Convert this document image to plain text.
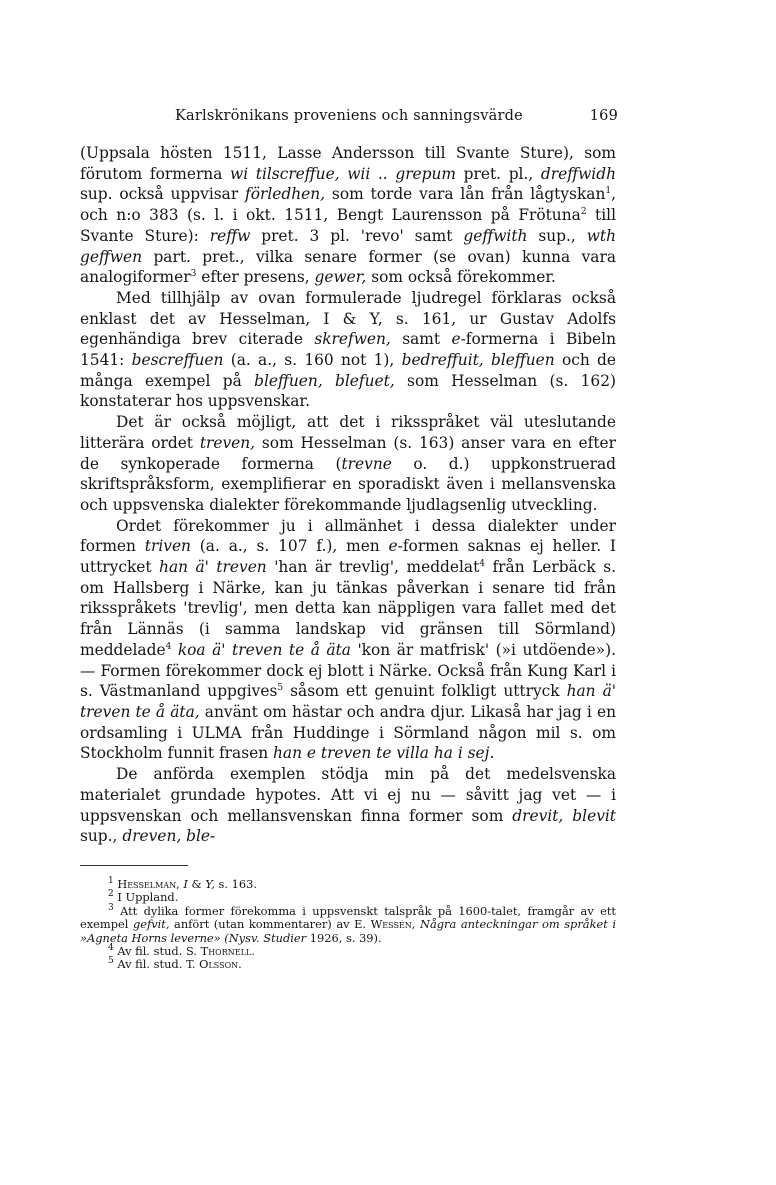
Karlskrönikans proveniens och sanningsvärde	169

(Uppsala hösten 1511, Lasse Andersson till Svante Sture), som förutom formerna wi tilscreffue, wii .. grepum pret. pl., dreffwidh sup. också uppvisar förledhen, som torde vara lån från lågtyskan$^1$, och n:o 383 (s. l. i okt. 1511, Bengt Laurensson på Frötuna$^2$ till Svante Sture): reffw pret. 3 pl. 'revo' samt geffwith sup., wth geffwen part. pret., vilka senare former (se ovan) kunna vara analogiformer$^3$ efter presens, gewer, som också förekommer.

Med tillhjälp av ovan formulerade ljudregel förklaras också enklast det av Hesselman, I & Y, s. 161, ur Gustav Adolfs egenhändiga brev citerade skrefwen, samt e-formerna i Bibeln 1541: bescreffuen (a. a., s. 160 not 1), bedreffuit, bleffuen och de många exempel på bleffuen, blefuet, som Hesselman (s. 162) konstaterar hos uppsvenskar.

Det är också möjligt, att det i riksspråket väl uteslutande litterära ordet treven, som Hesselman (s. 163) anser vara en efter de synkoperade formerna (trevne o. d.) uppkonstruerad skriftspråksform, exemplifierar en sporadiskt även i mellansvenska och uppsvenska dialekter förekommande ljudlagsenlig utveckling.

Ordet förekommer ju i allmänhet i dessa dialekter under formen triven (a. a., s. 107 f.), men e-formen saknas ej heller. I uttrycket han ä' treven 'han är trevlig', meddelat$^4$ från Lerbäck s. om Hallsberg i Närke, kan ju tänkas påverkan i senare tid från riksspråkets 'trevlig', men detta kan näppligen vara fallet med det från Lännäs (i samma landskap vid gränsen till Sörmland) meddelade$^4$ koa ä' treven te å äta 'kon är matfrisk' (»i utdöende»). — Formen förekommer dock ej blott i Närke. Också från Kung Karl i s. Västmanland uppgives$^5$ såsom ett genuint folkligt uttryck han ä' treven te å äta, använt om hästar och andra djur. Likaså har jag i en ordsamling i ULMA från Huddinge i Sörmland någon mil s. om Stockholm funnit frasen han e treven te villa ha i sej.

De anförda exemplen stödja min på det medelsvenska materialet grundade hypotes. Att vi ej nu — såvitt jag vet — i uppsvenskan och mellansvenskan finna former som drevit, blevit sup., dreven, ble-

$^1$ Hesselman, I & Y, s. 163.

$^2$ I Uppland.

$^3$ Att dylika former förekomma i uppsvenskt talspråk på 1600-talet, framgår av ett exempel gefvit, anfört (utan kommentarer) av E. Wessén, Några anteckningar om språket i »Agneta Horns leverne» (Nysv. Studier 1926, s. 39).

$^4$ Av fil. stud. S. Thornell.

$^5$ Av fil. stud. T. Olsson.
